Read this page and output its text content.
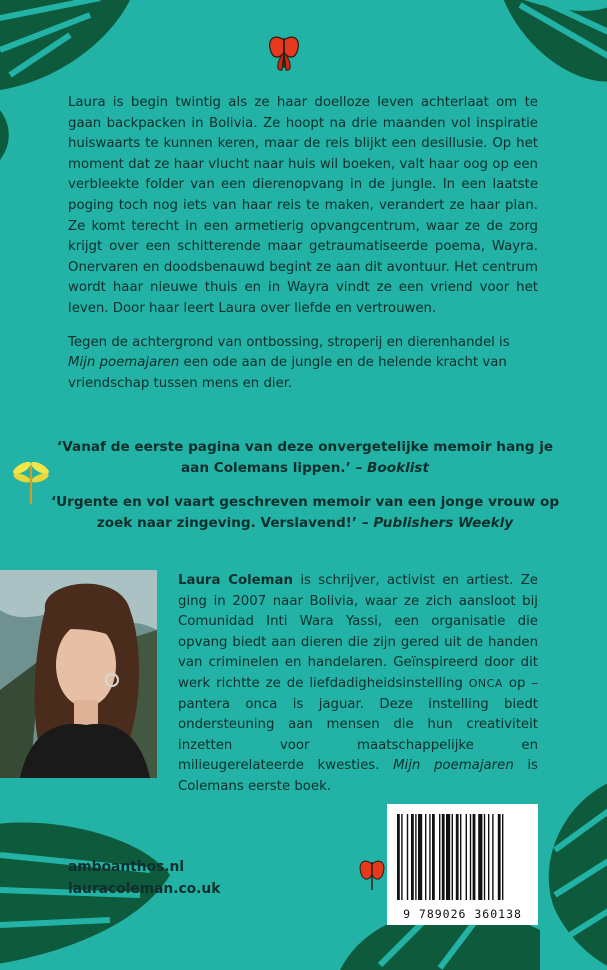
Laura is begin twintig als ze haar doelloze leven achterlaat om te gaan backpacken in Bolivia. Ze hoopt na drie maanden vol inspiratie huiswaarts te kunnen keren, maar de reis blijkt een desillusie. Op het moment dat ze haar vlucht naar huis wil boeken, valt haar oog op een verbleekte folder van een dierenopvang in de jungle. In een laatste poging toch nog iets van haar reis te maken, verandert ze haar plan. Ze komt terecht in een armetierig opvangcentrum, waar ze de zorg krijgt over een schitterende maar getraumatiseerde poema, Wayra. Onervaren en doodsbenauwd begint ze aan dit avontuur. Het centrum wordt haar nieuwe thuis en in Wayra vindt ze een vriend voor het leven. Door haar leert Laura over liefde en vertrouwen.

Tegen de achtergrond van ontbossing, stroperij en dierenhandel is Mijn poemajaren een ode aan de jungle en de helende kracht van vriendschap tussen mens en dier.

‘Vanaf de eerste pagina van deze onvergetelijke memoir hang je aan Colemans lippen.’ – Booklist

‘Urgente en vol vaart geschreven memoir van een jonge vrouw op zoek naar zingeving. Verslavend!’ – Publishers Weekly

Laura Coleman is schrijver, activist en artiest. Ze ging in 2007 naar Bolivia, waar ze zich aansloot bij Comunidad Inti Wara Yassi, een organisatie die opvang biedt aan dieren die zijn gered uit de handen van criminelen en handelaren. Geïnspireerd door dit werk richtte ze de liefdadigheidsinstelling ONCA op – pantera onca is jaguar. Deze instelling biedt ondersteuning aan mensen die hun creativiteit inzetten voor maatschappelijke en milieugerelateerde kwesties. Mijn poemajaren is Colemans eerste boek.
amboanthos.nl
lauracoleman.co.uk
9 789026 360138
